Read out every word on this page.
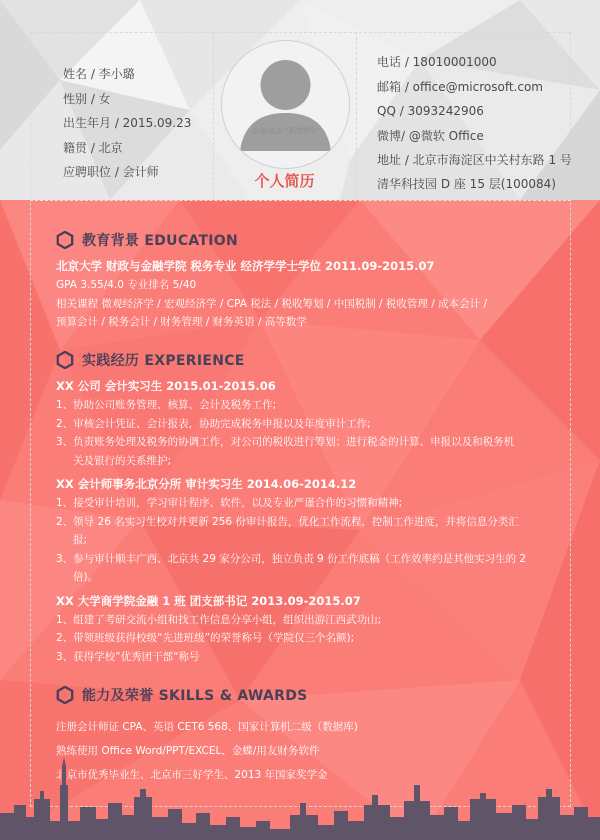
姓名 / 李小璐
性别 / 女
出生年月 / 2015.09.23
籍贯 / 北京
应聘职位 / 会计师
右击-点击 "更改图片"
个人简历
电话 / 18010001000
邮箱 / office@microsoft.com
QQ / 3093242906
微博/ @微软 Office
地址 / 北京市海淀区中关村东路 1 号清华科技园 D 座 15 层(100084)
教育背景 EDUCATION
北京大学 财政与金融学院 税务专业 经济学学士学位 2011.09-2015.07
GPA 3.55/4.0 专业排名 5/40
相关课程 微观经济学 / 宏观经济学 / CPA 税法 / 税收筹划 / 中国税制 / 税收管理 / 成本会计 /
预算会计 / 税务会计 / 财务管理 / 财务英语 / 高等数学
实践经历 EXPERIENCE
XX 公司 会计实习生 2015.01-2015.06
1、协助公司账务管理、核算、会计及税务工作;
2、审核会计凭证、会计报表，协助完成税务申报以及年度审计工作;
3、负责账务处理及税务的协调工作，对公司的税收进行筹划；进行税金的计算、申报以及和税务机
关及银行的关系维护;
XX 会计师事务北京分所 审计实习生 2014.06-2014.12
1、接受审计培训，学习审计程序、软件，以及专业严谨合作的习惯和精神;
2、领导 26 名实习生校对并更新 256 份审计报告，优化工作流程，控制工作进度，并将信息分类汇
报;
3、参与审计顺丰广西、北京共 29 家分公司，独立负责 9 份工作底稿（工作效率约是其他实习生的 2
倍)。
XX 大学商学院金融 1 班 团支部书记 2013.09-2015.07
1、组建了考研交流小组和找工作信息分享小组，组织出游江西武功山;
2、带领班级获得校级“先进班级”的荣誉称号（学院仅三个名额);
3、获得学校”优秀团干部“称号
能力及荣誉 SKILLS & AWARDS
注册会计师证 CPA、英语 CET6 568、国家计算机二级（数据库)
熟练使用 Office Word/PPT/EXCEL、金蝶/用友财务软件
北京市优秀毕业生、北京市三好学生、2013 年国家奖学金
